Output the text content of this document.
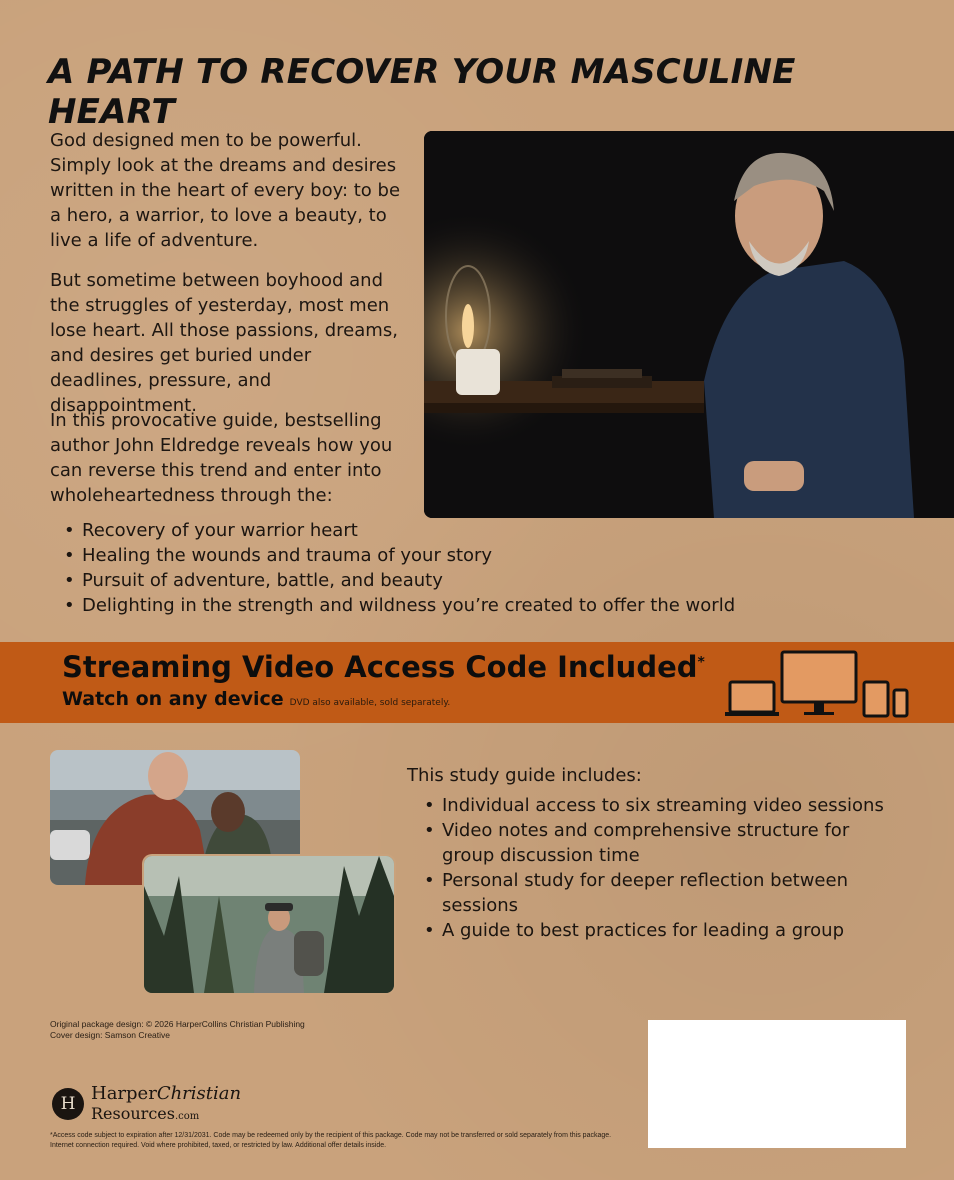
A PATH TO RECOVER YOUR MASCULINE HEART
God designed men to be powerful. Simply look at the dreams and desires written in the heart of every boy: to be a hero, a warrior, to love a beauty, to live a life of adventure.
But sometime between boyhood and the struggles of yesterday, most men lose heart. All those passions, dreams, and desires get buried under deadlines, pressure, and disappointment.
In this provocative guide, bestselling author John Eldredge reveals how you can reverse this trend and enter into wholeheartedness through the:
• Recovery of your warrior heart
• Healing the wounds and trauma of your story
• Pursuit of adventure, battle, and beauty
• Delighting in the strength and wildness you’re created to offer the world
Streaming Video Access Code Included*
Watch on any device DVD also available, sold separately.
This study guide includes:
• Individual access to six streaming video sessions
• Video notes and comprehensive structure for group discussion time
• Personal study for deeper reflection between sessions
• A guide to best practices for leading a group
Original package design: © 2026 HarperCollins Christian Publishing
Cover design: Samson Creative
H HarperChristian
Resources.com
*Access code subject to expiration after 12/31/2031. Code may be redeemed only by the recipient of this package. Code may not be transferred or sold separately from this package. Internet connection required. Void where prohibited, taxed, or restricted by law. Additional offer details inside.
